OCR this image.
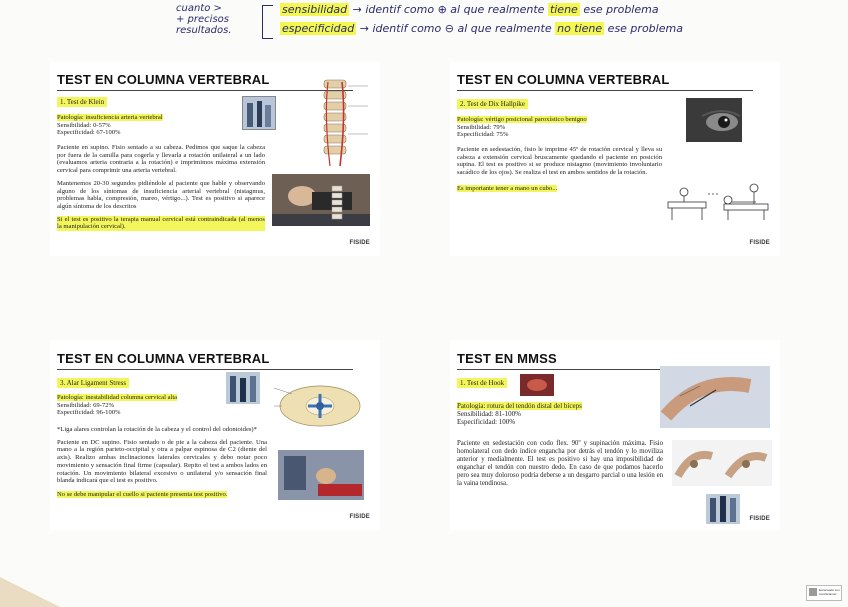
cuanto >
+ precisos
resultados.
sensibilidad → identif como ⊕ al que realmente tiene ese problema
especificidad → identif como ⊖ al que realmente no tiene ese problema
TEST EN COLUMNA VERTEBRAL
1. Test de Klein
Patología: insuficiencia arteria vertebral
Sensibilidad: 0-57%
Especificidad: 67-100%

Paciente en supino. Fisio sentado a su cabeza. Pedimos que saque la cabeza por fuera de la camilla para cogerla y llevarla a rotación unilateral a un lado (evaluamos arteria contraria a la rotación) e imprimimos máxima extensión cervical para comprimir una arteria vertebral.

Mantenemos 20-30 segundos pidiéndole al paciente que hable y observando alguno de los síntomas de insuficiencia arterial vertebral (nistagmus, problemas habla, compresión, mareo, vértigo...). Test es positivo si aparece algún síntoma de los descritos

Si el test es positivo la terapia manual cervical está contraindicada (al menos la manipulación cervical).

FISIDE
TEST EN COLUMNA VERTEBRAL
2. Test de Dix Hallpike
Patología: vértigo posicional paroxístico benigno
Sensibilidad: 79%
Especificidad: 75%

Paciente en sedestación, fisio le imprime 45º de rotación cervical y lleva su cabeza a extensión cervical bruscamente quedando el paciente en posición supina. El test es positivo si se produce nistagmo (movimiento involuntario sacádico de los ojos). Se realiza el test en ambos sentidos de la rotación.

Es importante tener a mano un cubo...

FISIDE
TEST EN COLUMNA VERTEBRAL
3. Alar Ligament Stress
Patología: inestabilidad columna cervical alta
Sensibilidad: 69-72%
Especificidad: 96-100%

*Liga alares controlan la rotación de la cabeza y el control del odontoides)*

Paciente en DC supino. Fisio sentado o de pie a la cabeza del paciente. Una mano a la región parieto-occipital y otra a palpar espinosa de C2 (diente del axis). Realizo ambas inclinaciones laterales cervicales y debo notar poco movimiento y sensación final firme (capsular). Repito el test a ambos lados en rotación. Un movimiento bilateral excesivo o unilateral y/o sensación final blanda indicará que el test es positivo.

No se debe manipular el cuello si paciente presenta test positivo.

FISIDE
TEST EN MMSS
1. Test de Hook
Patología: rotura del tendón distal del bíceps
Sensibilidad: 81-100%
Especificidad: 100%

Paciente en sedestación con codo flex. 90º y supinación máxima. Fisio homolateral con dedo índice engancha por detrás el tendón y lo moviliza anterior y medialmente. El test es positivo si hay una imposibilidad de enganchar el tendón con nuestro dedo. En caso de que podamos hacerlo pero sea muy doloroso podría deberse a un desgarro parcial o una lesión en la vaina tendinosa.

FISIDE
Escaneado con CamScanner
